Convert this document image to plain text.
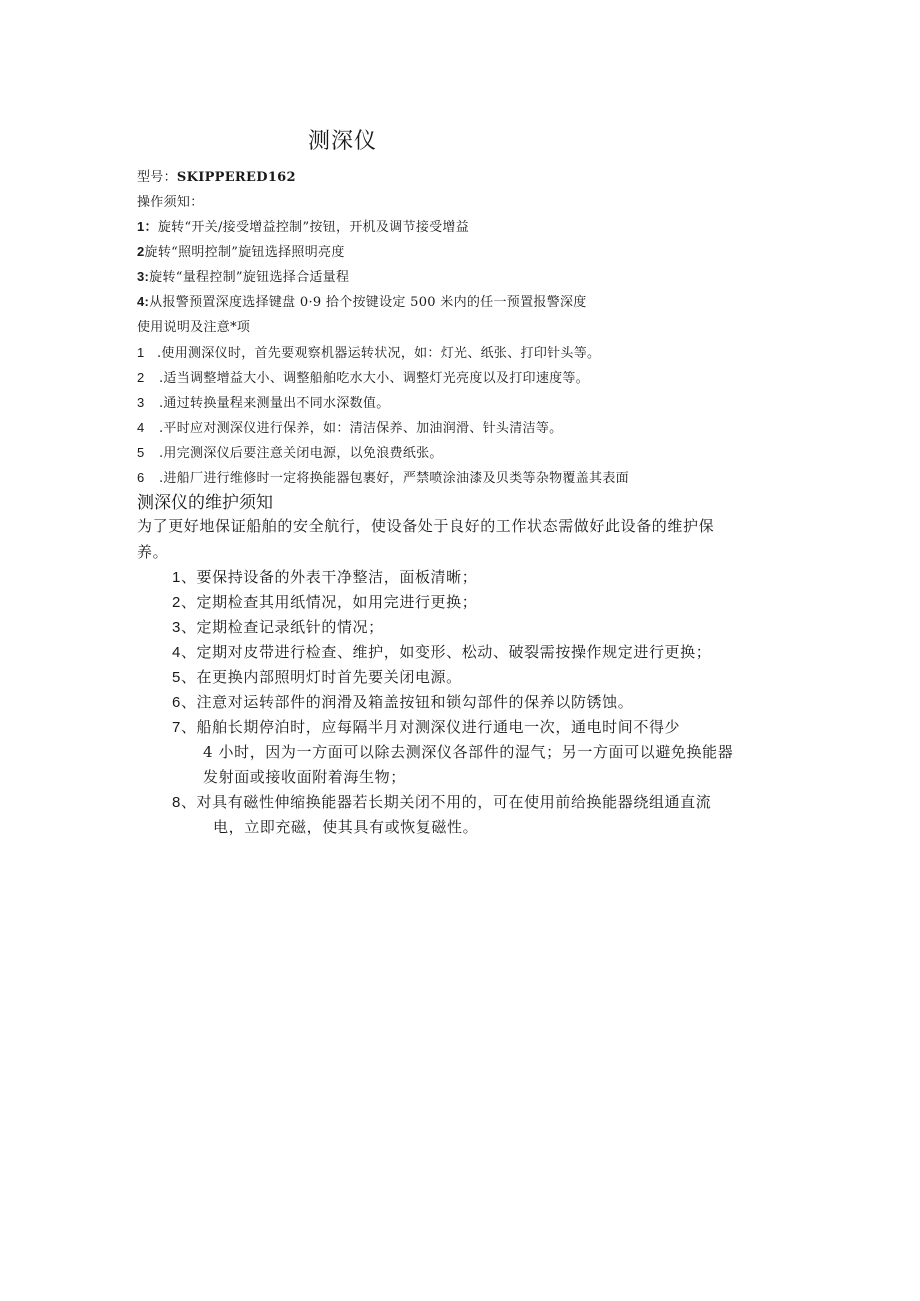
测深仪
型号：SKIPPERED162
操作须知：
1：旋转“开关/接受增益控制”按钮，开机及调节接受增益
2旋转“照明控制”旋钮选择照明亮度
3:旋转“量程控制”旋钮选择合适量程
4:从报警预置深度选择键盘 0·9 拾个按键设定 500 米内的任一预置报警深度
使用说明及注意*项
1 .使用测深仪时，首先要观察机器运转状况，如：灯光、纸张、打印针头等。
2 .适当调整增益大小、调整船舶吃水大小、调整灯光亮度以及打印速度等。
3 .通过转换量程来测量出不同水深数值。
4 .平时应对测深仪进行保养，如：清洁保养、加油润滑、针头清洁等。
5 .用完测深仪后要注意关闭电源，以免浪费纸张。
6 .进船厂进行维修时一定将换能器包裹好，严禁喷涂油漆及贝类等杂物覆盖其表面
测深仪的维护须知
为了更好地保证船舶的安全航行，使设备处于良好的工作状态需做好此设备的维护保
养。
1、要保持设备的外表干净整洁，面板清晰；
2、定期检查其用纸情况，如用完进行更换；
3、定期检查记录纸针的情况；
4、定期对皮带进行检查、维护，如变形、松动、破裂需按操作规定进行更换；
5、在更换内部照明灯时首先要关闭电源。
6、注意对运转部件的润滑及箱盖按钮和锁勾部件的保养以防锈蚀。
7、船舶长期停泊时，应每隔半月对测深仪进行通电一次，通电时间不得少
4 小时，因为一方面可以除去测深仪各部件的湿气；另一方面可以避免换能器
发射面或接收面附着海生物；
8、对具有磁性伸缩换能器若长期关闭不用的，可在使用前给换能器绕组通直流
电，立即充磁，使其具有或恢复磁性。
